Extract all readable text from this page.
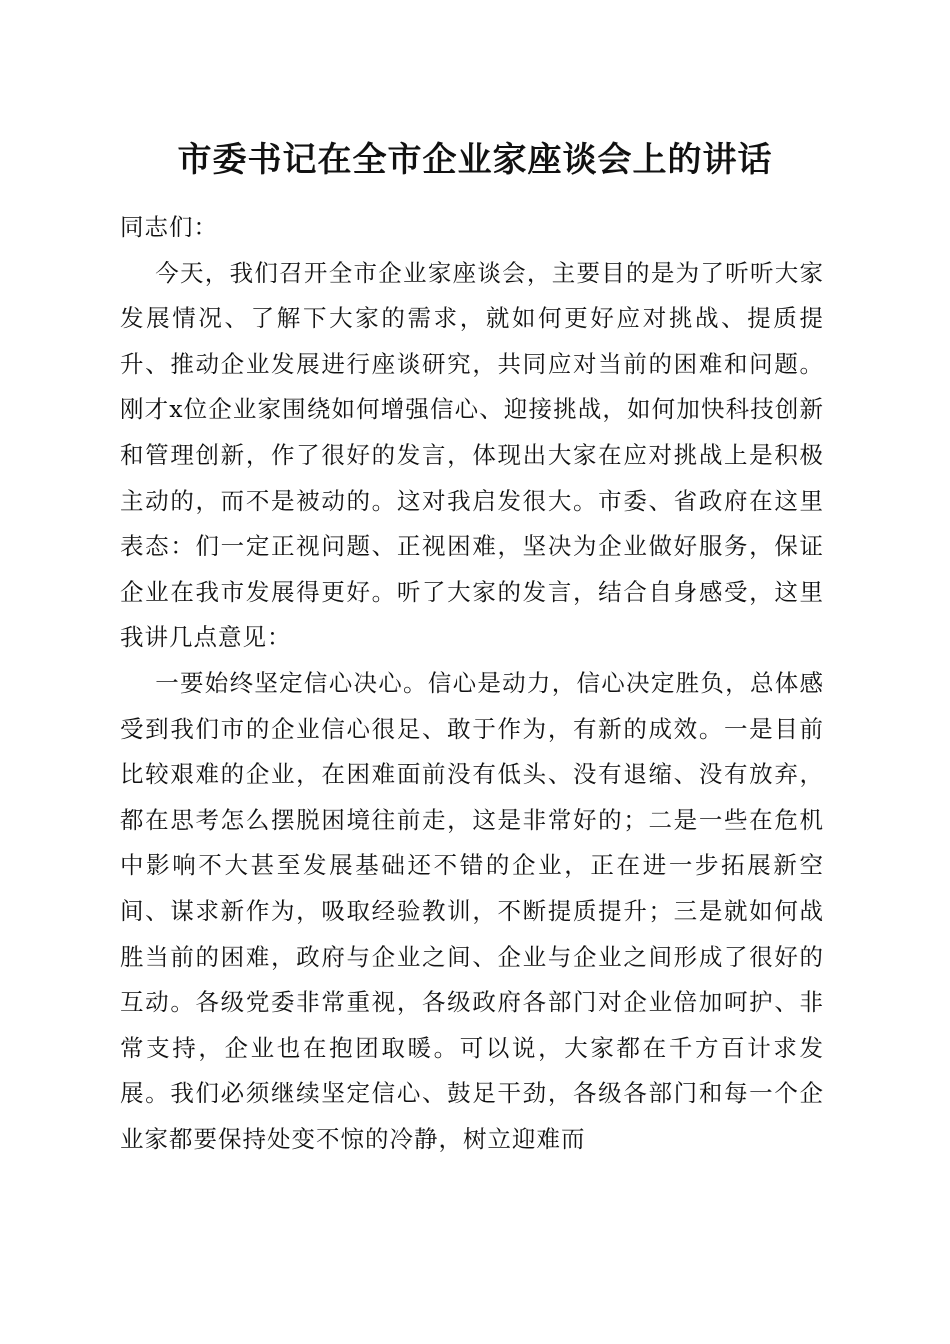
市委书记在全市企业家座谈会上的讲话

同志们：

今天，我们召开全市企业家座谈会，主要目的是为了听听大家发展情况、了解下大家的需求，就如何更好应对挑战、提质提升、推动企业发展进行座谈研究，共同应对当前的困难和问题。刚才x位企业家围绕如何增强信心、迎接挑战，如何加快科技创新和管理创新，作了很好的发言，体现出大家在应对挑战上是积极主动的，而不是被动的。这对我启发很大。市委、省政府在这里表态：们一定正视问题、正视困难，坚决为企业做好服务，保证企业在我市发展得更好。听了大家的发言，结合自身感受，这里我讲几点意见：

一要始终坚定信心决心。信心是动力，信心决定胜负，总体感受到我们市的企业信心很足、敢于作为，有新的成效。一是目前比较艰难的企业，在困难面前没有低头、没有退缩、没有放弃，都在思考怎么摆脱困境往前走，这是非常好的；二是一些在危机中影响不大甚至发展基础还不错的企业，正在进一步拓展新空间、谋求新作为，吸取经验教训，不断提质提升；三是就如何战胜当前的困难，政府与企业之间、企业与企业之间形成了很好的互动。各级党委非常重视，各级政府各部门对企业倍加呵护、非常支持，企业也在抱团取暖。可以说，大家都在千方百计求发展。我们必须继续坚定信心、鼓足干劲，各级各部门和每一个企业家都要保持处变不惊的冷静，树立迎难而
